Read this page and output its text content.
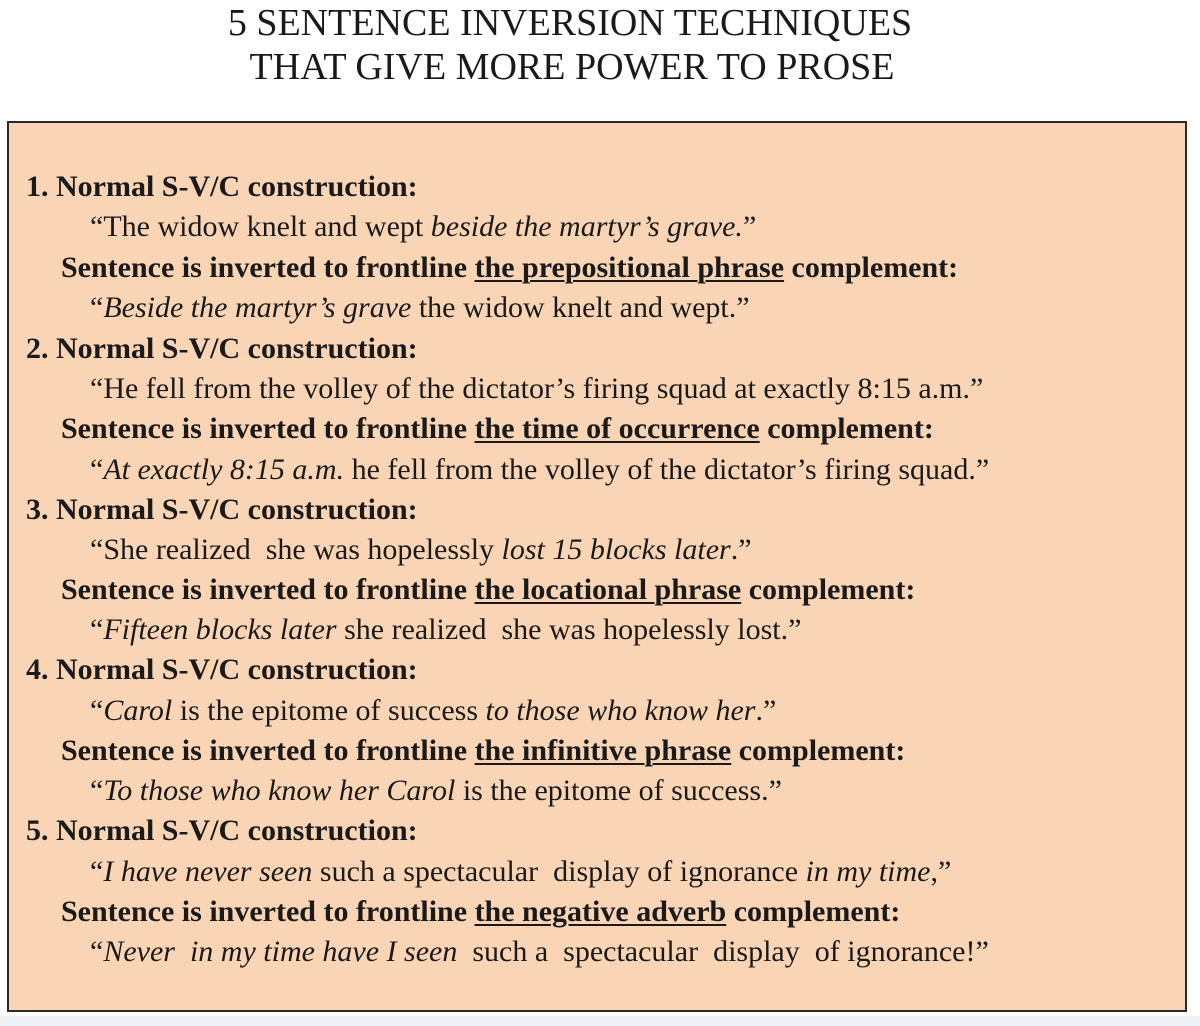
5 SENTENCE INVERSION TECHNIQUES
THAT GIVE MORE POWER TO PROSE
1. Normal S-V/C construction:
“The widow knelt and wept beside the martyr’s grave.”
Sentence is inverted to frontline the prepositional phrase complement:
“Beside the martyr’s grave the widow knelt and wept.”
2. Normal S-V/C construction:
“He fell from the volley of the dictator’s firing squad at exactly 8:15 a.m.”
Sentence is inverted to frontline the time of occurrence complement:
“At exactly 8:15 a.m. he fell from the volley of the dictator’s firing squad.”
3. Normal S-V/C construction:
“She realized  she was hopelessly lost 15 blocks later.”
Sentence is inverted to frontline the locational phrase complement:
“Fifteen blocks later she realized  she was hopelessly lost.”
4. Normal S-V/C construction:
“Carol is the epitome of success to those who know her.”
Sentence is inverted to frontline the infinitive phrase complement:
“To those who know her Carol is the epitome of success.”
5. Normal S-V/C construction:
“I have never seen such a spectacular  display of ignorance in my time,”
Sentence is inverted to frontline the negative adverb complement:
“Never  in my time have I seen  such a  spectacular  display  of ignorance!”
